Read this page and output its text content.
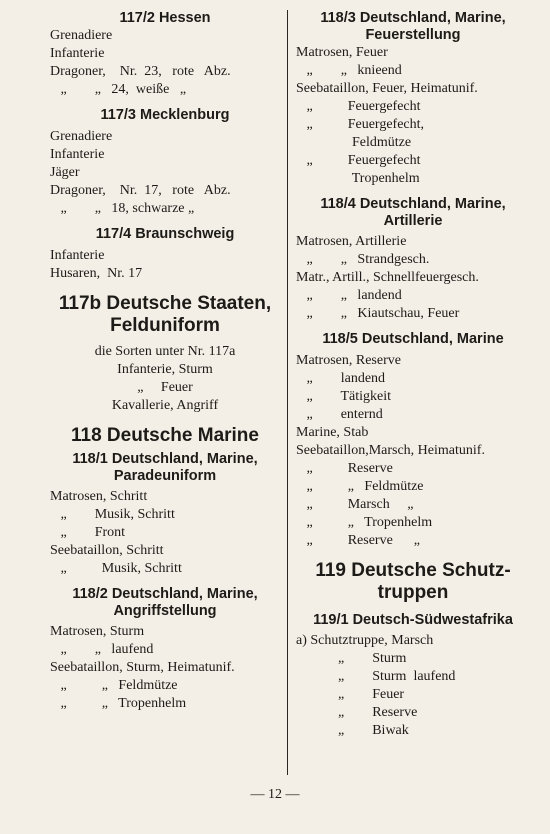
117/2 Hessen
Grenadiere
Infanterie
Dragoner,    Nr.  23,   rote   Abz.
„        „   24,  weiße   „
117/3 Mecklenburg
Grenadiere
Infanterie
Jäger
Dragoner,    Nr.  17,   rote   Abz.
„        „   18, schwarze „
117/4 Braunschweig
Infanterie
Husaren,  Nr. 17
117b Deutsche Staaten,
Felduniform
die Sorten unter Nr. 117a
Infanterie, Sturm
„     Feuer
Kavallerie, Angriff
118 Deutsche Marine
118/1 Deutschland, Marine,
Paradeuniform
Matrosen, Schritt
„        Musik, Schritt
„        Front
Seebataillon, Schritt
„          Musik, Schritt
118/2 Deutschland, Marine,
Angriffstellung
Matrosen, Sturm
„        „   laufend
Seebataillon, Sturm, Heimatunif.
„          „   Feldmütze
„          „   Tropenhelm
118/3 Deutschland, Marine,
Feuerstellung
Matrosen, Feuer
„        „   knieend
Seebataillon, Feuer, Heimatunif.
„          Feuergefecht
„          Feuergefecht,
Feldmütze
„          Feuergefecht
Tropenhelm
118/4 Deutschland, Marine,
Artillerie
Matrosen, Artillerie
„        „   Strandgesch.
Matr., Artill., Schnellfeuergesch.
„        „   landend
„        „   Kiautschau, Feuer
118/5 Deutschland, Marine
Matrosen, Reserve
„        landend
„        Tätigkeit
„        enternd
Marine, Stab
Seebataillon,Marsch, Heimatunif.
„          Reserve
„          „   Feldmütze
„          Marsch     „
„          „   Tropenhelm
„          Reserve      „
119 Deutsche Schutz-
truppen
119/1 Deutsch-Südwestafrika
a) Schutztruppe, Marsch
„        Sturm
„        Sturm  laufend
„        Feuer
„        Reserve
„        Biwak
— 12 —
